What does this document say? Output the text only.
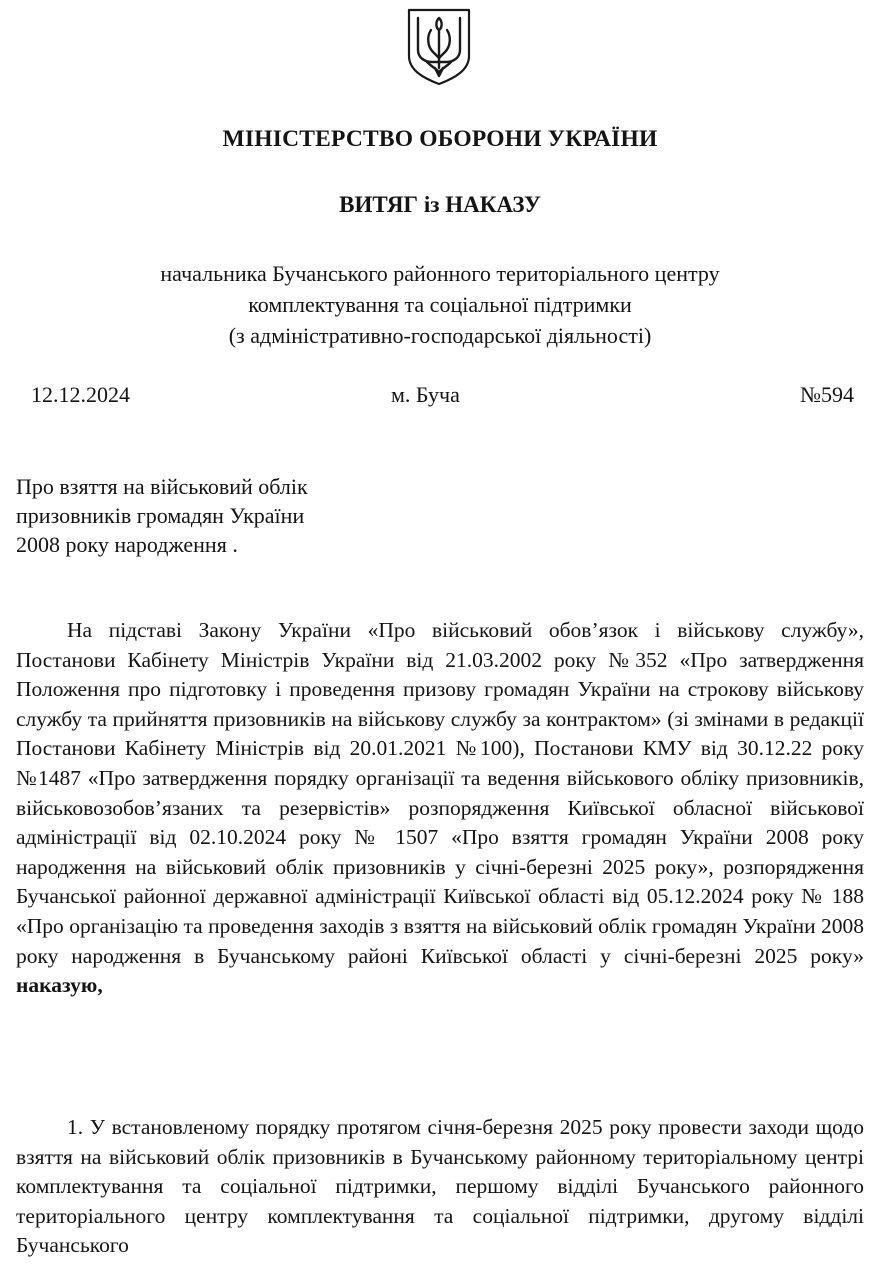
МІНІСТЕРСТВО ОБОРОНИ УКРАЇНИ
ВИТЯГ із НАКАЗУ
начальника Бучанського районного територіального центру
комплектування та соціальної підтримки
(з адміністративно-господарської діяльності)
12.12.2024	м. Буча	№594
Про взяття на військовий облік
призовників громадян України
2008 року народження .
На підставі Закону України «Про військовий обов’язок і військову службу», Постанови Кабінету Міністрів України від 21.03.2002 року №352 «Про затвердження Положення про підготовку і проведення призову громадян України на строкову військову службу та прийняття призовників на військову службу за контрактом» (зі змінами в редакції Постанови Кабінету Міністрів від 20.01.2021 №100), Постанови КМУ від 30.12.22 року №1487 «Про затвердження порядку організації та ведення військового обліку призовників, військовозобов’язаних та резервістів» розпорядження Київської обласної військової адміністрації від 02.10.2024 року № 1507 «Про взяття громадян України 2008 року народження на військовий облік призовників у січні-березні 2025 року», розпорядження Бучанської районної державної адміністрації Київської області від 05.12.2024 року № 188 «Про організацію та проведення заходів з взяття на військовий облік громадян України 2008 року народження в Бучанському районі Київської області у січні-березні 2025 року» наказую,
1. У встановленому порядку протягом січня-березня 2025 року провести заходи щодо взяття на військовий облік призовників в Бучанському районному територіальному центрі комплектування та соціальної підтримки, першому відділі Бучанського районного територіального центру комплектування та соціальної підтримки, другому відділі Бучанського
